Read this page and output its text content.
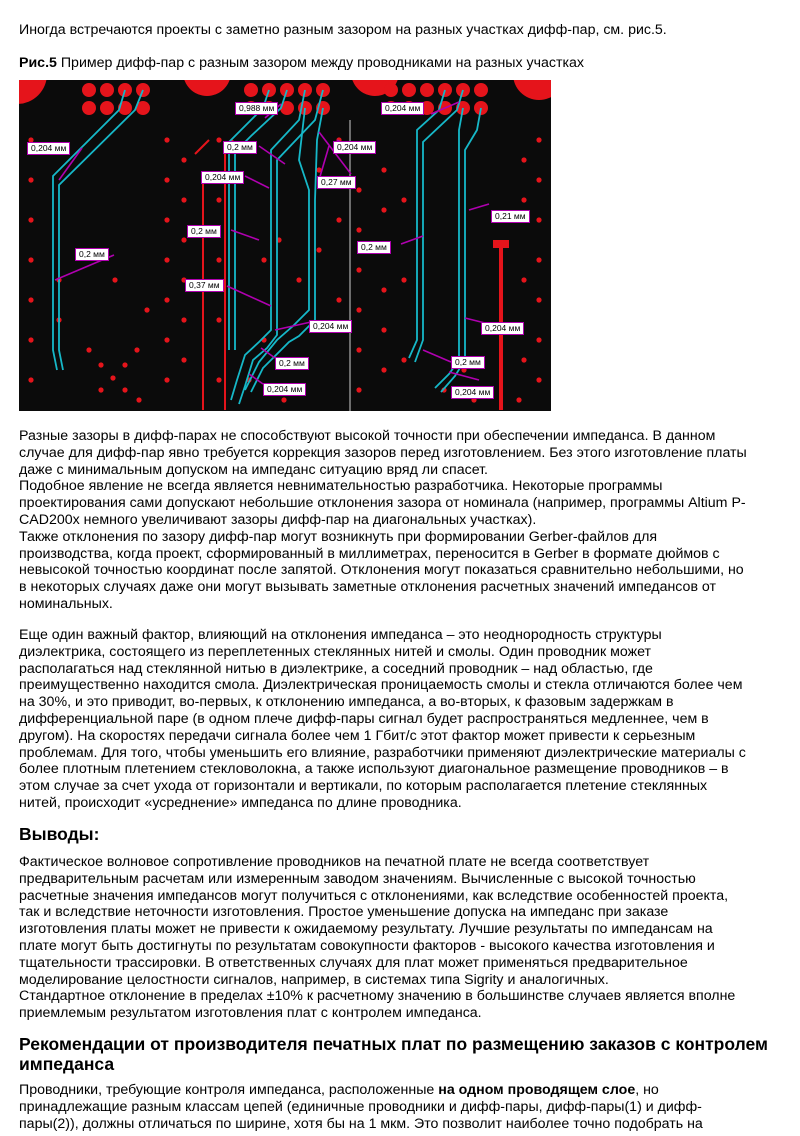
Иногда встречаются проекты с заметно разным зазором на разных участках дифф-пар, см. рис.5.

Рис.5 Пример дифф-пар с разным зазором между проводниками на разных участках

0,988 мм
0,204 мм	0,2 мм
0,204 мм
0,204 мм
0,27 мм
0,204 мм
0,21 мм
0,2 мм
0,2 мм
0,2 мм
0,37 мм
0,204 мм	0,204 мм
0,2 мм
0,204 мм
0,2 мм
0,204 мм

Разные зазоры в дифф-парах не способствуют высокой точности при обеспечении импеданса. В данном

случае для дифф-пар явно требуется коррекция зазоров перед изготовлением. Без этого изготовление платы

даже с минимальным допуском на импеданс ситуацию вряд ли спасет.

Подобное явление не всегда является невнимательностью разработчика. Некоторые программы

проектирования сами допускают небольшие отклонения зазора от номинала (например, программы Altium P-

CAD200x немного увеличивают зазоры дифф-пар на диагональных участках).

Также отклонения по зазору дифф-пар могут возникнуть при формировании Gerber-файлов для

производства, когда проект, сформированный в миллиметрах, переносится в Gerber в формате дюймов с

невысокой точностью координат после запятой. Отклонения могут показаться сравнительно небольшими, но

в некоторых случаях даже они могут вызывать заметные отклонения расчетных значений импедансов от

номинальных.

Еще один важный фактор, влияющий на отклонения импеданса – это неоднородность структуры

диэлектрика, состоящего из переплетенных стеклянных нитей и смолы. Один проводник может

располагаться над стеклянной нитью в диэлектрике, а соседний проводник – над областью, где

преимущественно находится смола. Диэлектрическая проницаемость смолы и стекла отличаются более чем

на 30%, и это приводит, во-первых, к отклонению импеданса, а во-вторых, к фазовым задержкам в

дифференциальной паре (в одном плече дифф-пары сигнал будет распространяться медленнее, чем в

другом). На скоростях передачи сигнала более чем 1 Гбит/с этот фактор может привести к серьезным

проблемам. Для того, чтобы уменьшить его влияние, разработчики применяют диэлектрические материалы с

более плотным плетением стекловолокна, а также используют диагональное размещение проводников – в

этом случае за счет ухода от горизонтали и вертикали, по которым располагается плетение стеклянных

нитей, происходит «усреднение» импеданса по длине проводника.

Выводы:

Фактическое волновое сопротивление проводников на печатной плате не всегда соответствует

предварительным расчетам или измеренным заводом значениям. Вычисленные с высокой точностью

расчетные значения импедансов могут получиться с отклонениями, как вследствие особенностей проекта,

так и вследствие неточности изготовления. Простое уменьшение допуска на импеданс при заказе

изготовления платы может не привести к ожидаемому результату. Лучшие результаты по импедансам на

плате могут быть достигнуты по результатам совокупности факторов - высокого качества изготовления и

тщательности трассировки. В ответственных случаях для плат может применяться предварительное

моделирование целостности сигналов, например, в системах типа Sigrity и аналогичных.

Стандартное отклонение в пределах ±10% к расчетному значению в большинстве случаев является вполне

приемлемым результатом изготовления плат с контролем импеданса.

Рекомендации от производителя печатных плат по размещению заказов с контролем
импеданса

Проводники, требующие контроля импеданса, расположенные на одном проводящем слое, но

принадлежащие разным классам цепей (единичные проводники и дифф-пары, дифф-пары(1) и дифф-

пары(2)), должны отличаться по ширине, хотя бы на 1 мкм. Это позволит наиболее точно подобрать на
